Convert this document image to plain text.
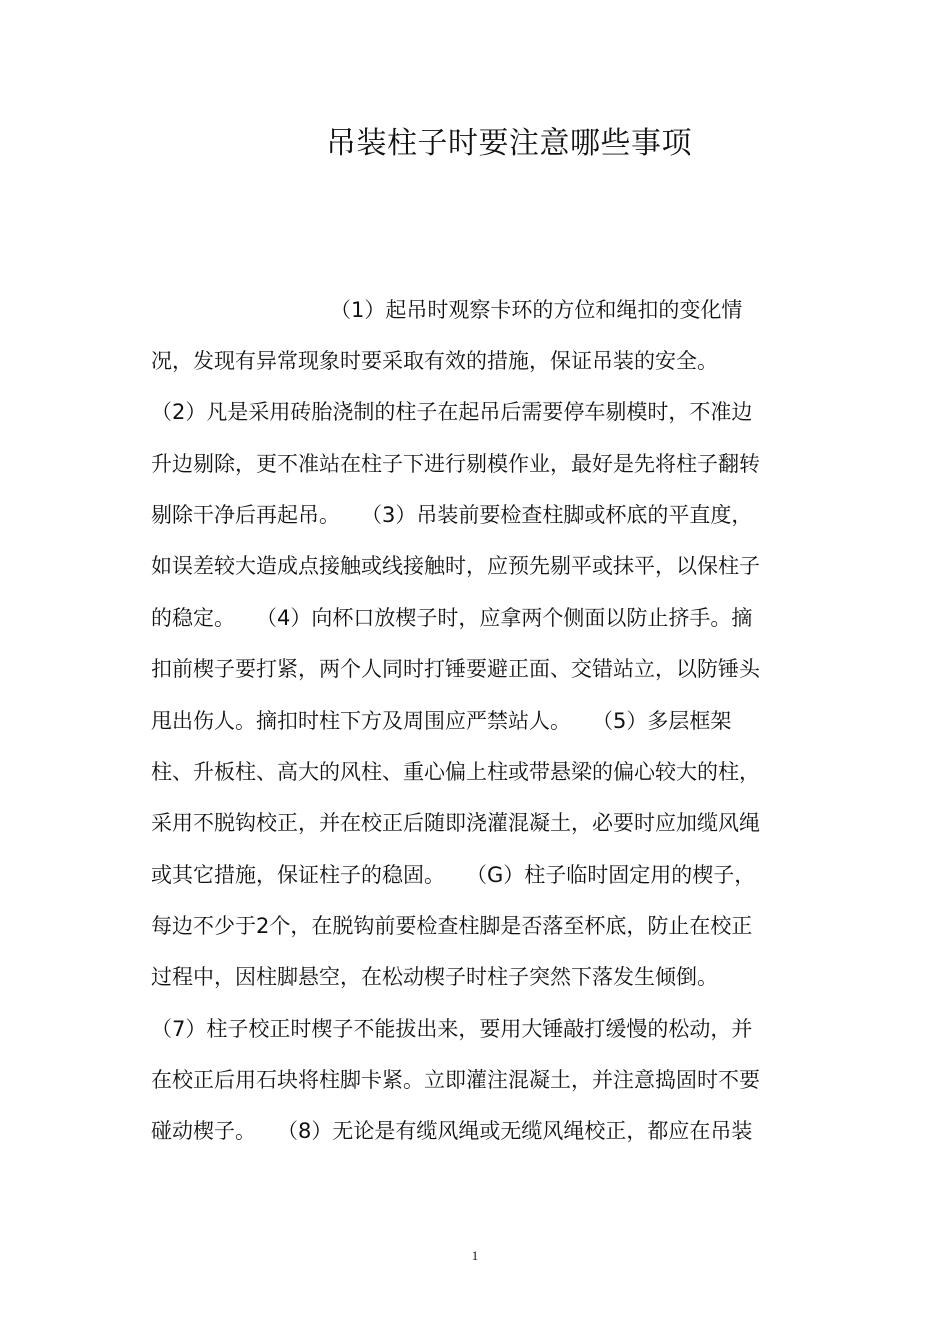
吊装柱子时要注意哪些事项
（1）起吊时观察卡环的方位和绳扣的变化情
况，发现有异常现象时要采取有效的措施，保证吊装的安全。
（2）凡是采用砖胎浇制的柱子在起吊后需要停车剔模时，不准边
升边剔除，更不准站在柱子下进行剔模作业，最好是先将柱子翻转
剔除干净后再起吊。　　（3）吊装前要检查柱脚或杯底的平直度，
如误差较大造成点接触或线接触时，应预先剔平或抹平，以保柱子
的稳定。　　（4）向杯口放楔子时，应拿两个侧面以防止挤手。摘
扣前楔子要打紧，两个人同时打锤要避正面、交错站立，以防锤头
甩出伤人。摘扣时柱下方及周围应严禁站人。　　（5）多层框架
柱、升板柱、高大的风柱、重心偏上柱或带悬梁的偏心较大的柱，
采用不脱钩校正，并在校正后随即浇灌混凝土，必要时应加缆风绳
或其它措施，保证柱子的稳固。　　（G）柱子临时固定用的楔子，
每边不少于2个，在脱钩前要检查柱脚是否落至杯底，防止在校正
过程中，因柱脚悬空，在松动楔子时柱子突然下落发生倾倒。
（7）柱子校正时楔子不能拔出来，要用大锤敲打缓慢的松动，并
在校正后用石块将柱脚卡紧。立即灌注混凝土，并注意捣固时不要
碰动楔子。　　（8）无论是有缆风绳或无缆风绳校正，都应在吊装
1
